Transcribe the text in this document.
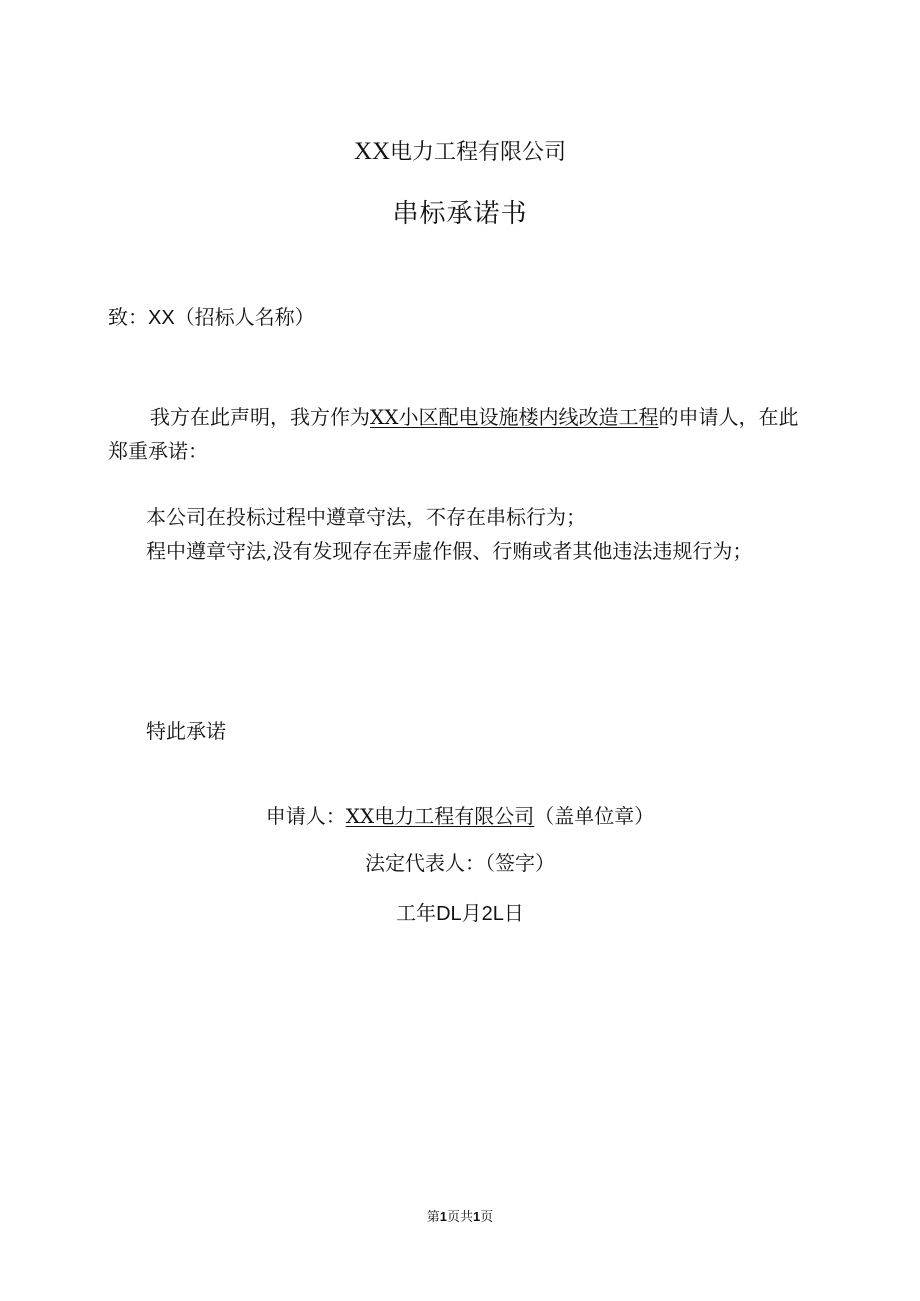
XX电力工程有限公司
串标承诺书
致：XX（招标人名称）
我方在此声明，我方作为XX小区配电设施楼内线改造工程的申请人，在此
郑重承诺：
本公司在投标过程中遵章守法，不存在串标行为；
程中遵章守法,没有发现存在弄虚作假、行贿或者其他违法违规行为；
特此承诺
申请人：XX电力工程有限公司（盖单位章）
法定代表人：（签字）
工年DL月2L日
第1页共1页
